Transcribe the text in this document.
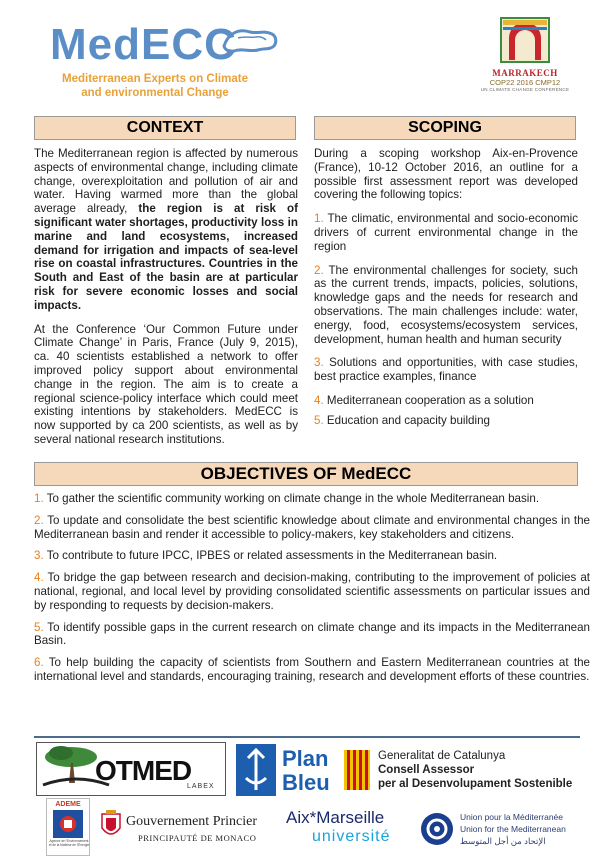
MedECC
Mediterranean Experts on Climate
and environmental Change
MARRAKECH
COP22 2016 CMP12
UN CLIMATE CHANGE CONFERENCE
CONTEXT

The Mediterranean region is affected by numerous aspects of environmental change, including climate change, overexploitation and pollution of air and water. Having warmed more than the global average already, the region is at risk of significant water shortages, productivity loss in marine and land ecosystems, increased demand for irrigation and impacts of sea-level rise on coastal infrastructures. Countries in the South and East of the basin are at particular risk for severe economic losses and social impacts.

At the Conference ‘Our Common Future under Climate Change’ in Paris, France (July 9, 2015), ca. 40 scientists established a network to offer improved policy support about environmental change in the region. The aim is to create a regional science-policy interface which could meet existing intentions by stakeholders. MedECC is now supported by ca 200 scientists, as well as by several national research institutions.

SCOPING

During a scoping workshop Aix-en-Provence (France), 10-12 October 2016, an outline for a possible first assessment report was developed covering the following topics:

1. The climatic, environmental and socio-economic drivers of current environmental change in the region

2. The environmental challenges for society, such as the current trends, impacts, policies, solutions, knowledge gaps and the needs for research and observations. The main challenges include: water, energy, food, ecosystems/ecosystem services, development, human health and human security

3. Solutions and opportunities, with case studies, best practice examples, finance

4. Mediterranean cooperation as a solution

5. Education and capacity building

OBJECTIVES OF MedECC

1. To gather the scientific community working on climate change in the whole Mediterranean basin.

2. To update and consolidate the best scientific knowledge about climate and environmental changes in the Mediterranean basin and render it accessible to policy-makers, key stakeholders and citizens.

3. To contribute to future IPCC, IPBES or related assessments in the Mediterranean basin.

4. To bridge the gap between research and decision-making, contributing to the improvement of policies at national, regional, and local level by providing consolidated scientific assessments on particular issues and by responding to requests by decision-makers.

5. To identify possible gaps in the current research on climate change and its impacts in the Mediterranean Basin.

6. To help building the capacity of scientists from Southern and Eastern Mediterranean countries at the international level and standards, encouraging training, research and development efforts of these countries.

OTMED
LABEX
Plan
Bleu
Generalitat de Catalunya
Consell Assessor
per al Desenvolupament Sostenible
ADEME
Agence de l'Environnement et de la Maîtrise de l'Énergie
Gouvernement Princier
PRINCIPAUTÉ DE MONACO
Aix*Marseille
université
Union pour la Méditerranée
Union for the Mediterranean
الإتحاد من أجل المتوسط
